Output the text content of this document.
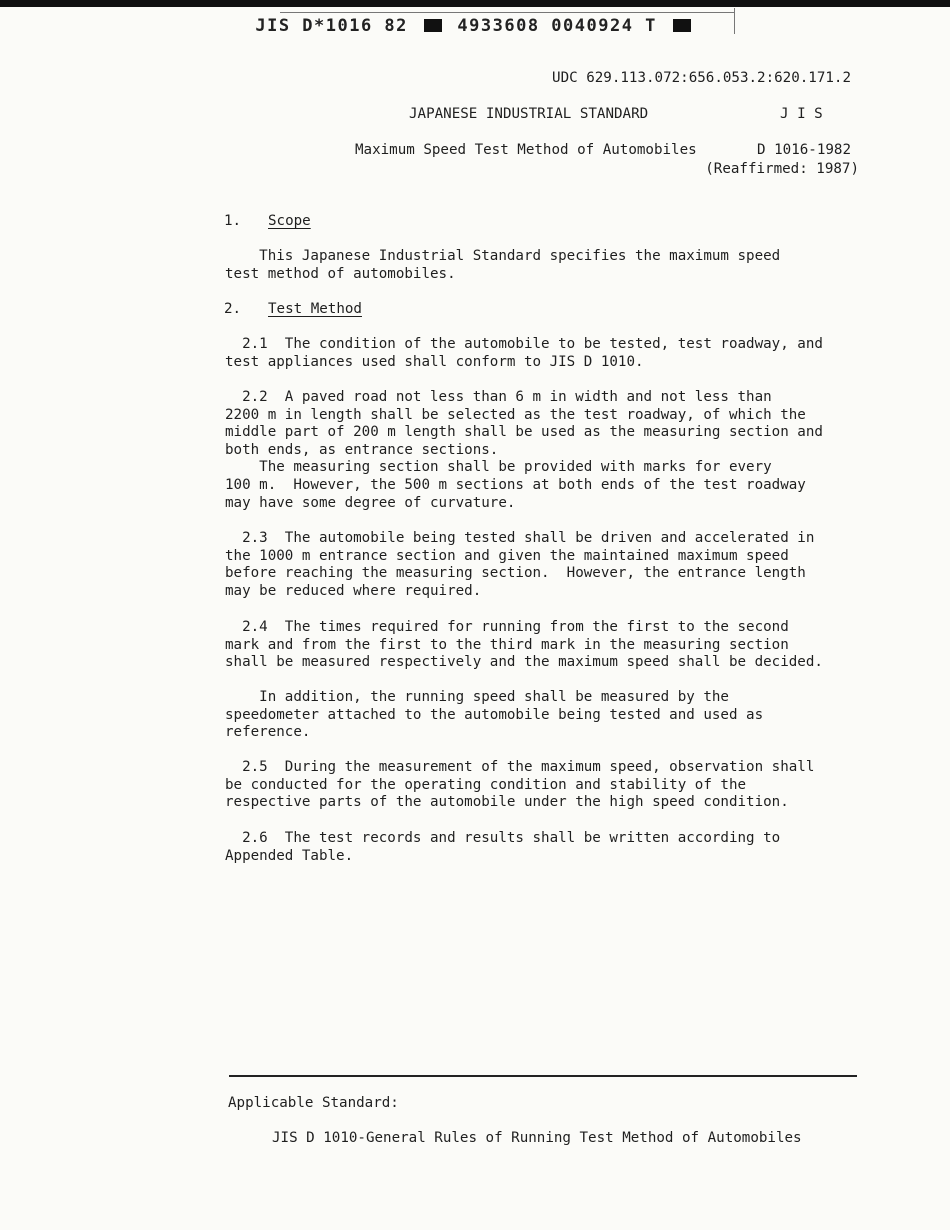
JIS D*1016 82	4933608 0040924 T
UDC 629.113.072:656.053.2:620.171.2
JAPANESE INDUSTRIAL STANDARD	J I S
Maximum Speed Test Method of Automobiles	D 1016-1982
(Reaffirmed: 1987)
1. Scope
This Japanese Industrial Standard specifies the maximum speed
test method of automobiles.
2. Test Method
2.1  The condition of the automobile to be tested, test roadway, and
test appliances used shall conform to JIS D 1010.
2.2  A paved road not less than 6 m in width and not less than
2200 m in length shall be selected as the test roadway, of which the
middle part of 200 m length shall be used as the measuring section and
both ends, as entrance sections.
The measuring section shall be provided with marks for every
100 m.  However, the 500 m sections at both ends of the test roadway
may have some degree of curvature.
2.3  The automobile being tested shall be driven and accelerated in
the 1000 m entrance section and given the maintained maximum speed
before reaching the measuring section.  However, the entrance length
may be reduced where required.
2.4  The times required for running from the first to the second
mark and from the first to the third mark in the measuring section
shall be measured respectively and the maximum speed shall be decided.
In addition, the running speed shall be measured by the
speedometer attached to the automobile being tested and used as
reference.
2.5  During the measurement of the maximum speed, observation shall
be conducted for the operating condition and stability of the
respective parts of the automobile under the high speed condition.
2.6  The test records and results shall be written according to
Appended Table.
Applicable Standard:
JIS D 1010-General Rules of Running Test Method of Automobiles
